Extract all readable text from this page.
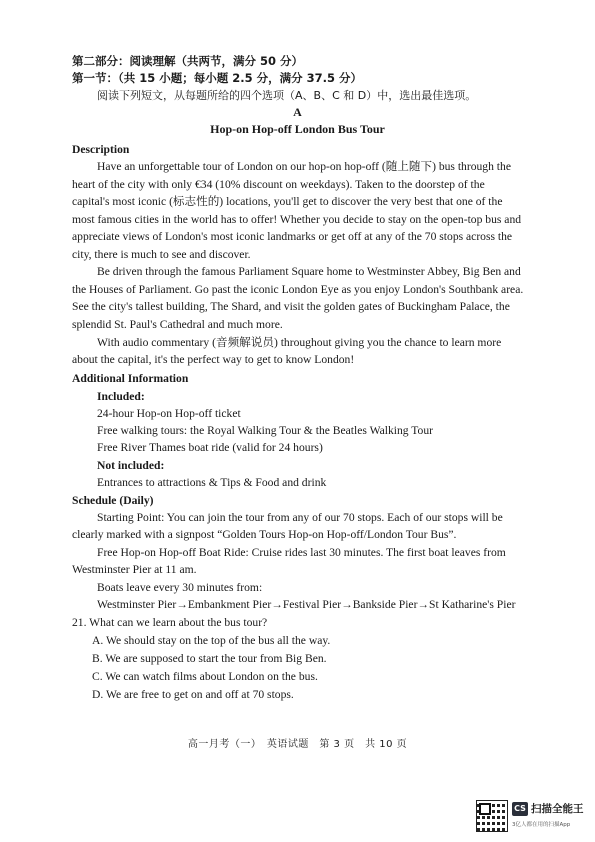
第二部分：阅读理解（共两节，满分 50 分）
第一节：（共 15 小题；每小题 2.5 分，满分 37.5 分）
阅读下列短文，从每题所给的四个选项（A、B、C 和 D）中，选出最佳选项。
A
Hop-on Hop-off London Bus Tour
Description
Have an unforgettable tour of London on our hop-on hop-off (随上随下) bus through the
heart of the city with only €34 (10% discount on weekdays). Taken to the doorstep of the
capital's most iconic (标志性的) locations, you'll get to discover the very best that one of the
most famous cities in the world has to offer! Whether you decide to stay on the open-top bus and
appreciate views of London's most iconic landmarks or get off at any of the 70 stops across the
city, there is much to see and discover.
Be driven through the famous Parliament Square home to Westminster Abbey, Big Ben and
the Houses of Parliament. Go past the iconic London Eye as you enjoy London's Southbank area.
See the city's tallest building, The Shard, and visit the golden gates of Buckingham Palace, the
splendid St. Paul's Cathedral and much more.
With audio commentary (音频解说员) throughout giving you the chance to learn more
about the capital, it's the perfect way to get to know London!
Additional Information
Included:
24-hour Hop-on Hop-off ticket
Free walking tours: the Royal Walking Tour & the Beatles Walking Tour
Free River Thames boat ride (valid for 24 hours)
Not included:
Entrances to attractions & Tips & Food and drink
Schedule (Daily)
Starting Point: You can join the tour from any of our 70 stops. Each of our stops will be
clearly marked with a signpost “Golden Tours Hop-on Hop-off/London Tour Bus”.
Free Hop-on Hop-off Boat Ride: Cruise rides last 30 minutes. The first boat leaves from
Westminster Pier at 11 am.
Boats leave every 30 minutes from:
Westminster Pier→Embankment Pier→Festival Pier→Bankside Pier→St Katharine's Pier
21. What can we learn about the bus tour?
A. We should stay on the top of the bus all the way.
B. We are supposed to start the tour from Big Ben.
C. We can watch films about London on the bus.
D. We are free to get on and off at 70 stops.
高一月考（一）　英语试题　第 3 页　共 10 页
CS 扫描全能王
3亿人都在用的扫描App
